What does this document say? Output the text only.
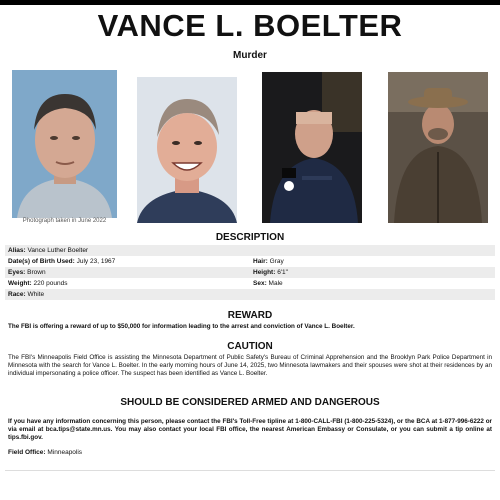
VANCE L. BOELTER
Murder
Photograph taken in June 2022
DESCRIPTION
Alias: Vance Luther Boelter
Date(s) of Birth Used: July 23, 1967	Hair: Gray
Eyes: Brown	Height: 6'1"
Weight: 220 pounds	Sex: Male
Race: White
REWARD
The FBI is offering a reward of up to $50,000 for information leading to the arrest and conviction of Vance L. Boelter.
CAUTION
The FBI's Minneapolis Field Office is assisting the Minnesota Department of Public Safety's Bureau of Criminal Apprehension and the Brooklyn Park Police Department in Minnesota with the search for Vance L. Boelter. In the early morning hours of June 14, 2025, two Minnesota lawmakers and their spouses were shot at their residences by an individual impersonating a police officer. The suspect has been identified as Vance L. Boelter.
SHOULD BE CONSIDERED ARMED AND DANGEROUS
If you have any information concerning this person, please contact the FBI's Toll-Free tipline at 1-800-CALL-FBI (1-800-225-5324), or the BCA at 1-877-996-6222 or via email at bca.tips@state.mn.us. You may also contact your local FBI office, the nearest American Embassy or Consulate, or you can submit a tip online at tips.fbi.gov.
Field Office: Minneapolis
